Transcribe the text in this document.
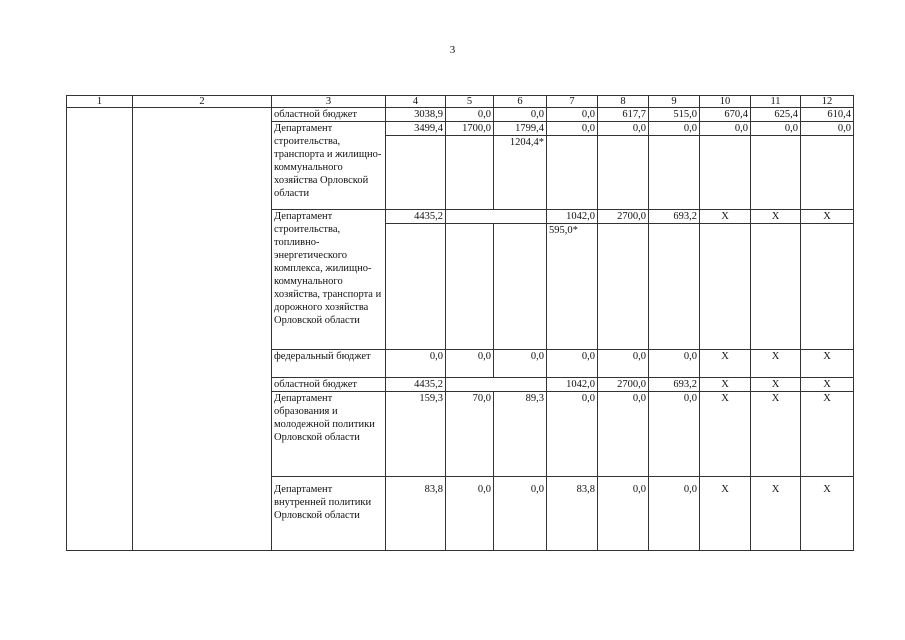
3
1	2	3	4	5	6	7	8	9	10	11	12
		областной бюджет	3038,9	0,0	0,0	0,0	617,7	515,0	670,4	625,4	610,4
		Департамент строительства, транспорта и жилищно-коммунального хозяйства Орловской области	3499,4	1700,0	1799,4	0,0	0,0	0,0	0,0	0,0	0,0
					1204,4*						
		Департамент строительства, топливно-энергетического комплекса, жилищно-коммунального хозяйства, транспорта и дорожного хозяйства Орловской области	4435,2			1042,0	2700,0	693,2	Х	Х	Х
						595,0*					
		федеральный бюджет	0,0	0,0	0,0	0,0	0,0	0,0	Х	Х	Х
		областной бюджет	4435,2			1042,0	2700,0	693,2	Х	Х	Х
		Департамент образования и молодежной политики Орловской области	159,3	70,0	89,3	0,0	0,0	0,0	Х	Х	Х
		Департамент внутренней политики Орловской области	83,8	0,0	0,0	83,8	0,0	0,0	Х	Х	Х
